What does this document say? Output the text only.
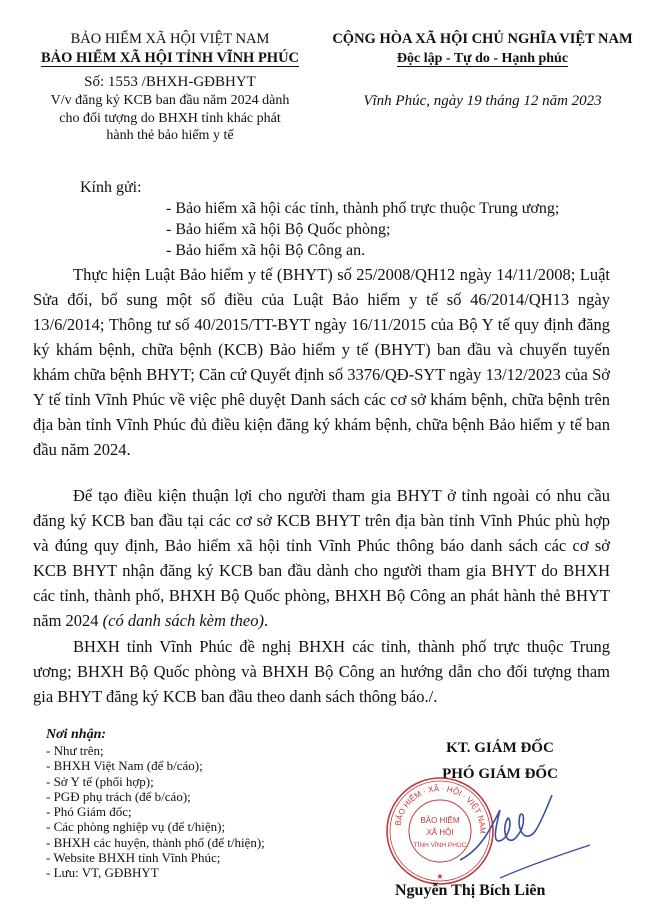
BẢO HIỂM XÃ HỘI VIỆT NAM
BẢO HIỂM XÃ HỘI TỈNH VĨNH PHÚC
Số: 1553 /BHXH-GĐBHYT
V/v đăng ký KCB ban đầu năm 2024 dành
cho đối tượng do BHXH tỉnh khác phát
hành thẻ bảo hiểm y tế
CỘNG HÒA XÃ HỘI CHỦ NGHĨA VIỆT NAM
Độc lập - Tự do - Hạnh phúc
Vĩnh Phúc, ngày 19 tháng 12 năm 2023
Kính gửi:
- Bảo hiểm xã hội các tỉnh, thành phố trực thuộc Trung ương;
- Bảo hiểm xã hội Bộ Quốc phòng;
- Bảo hiểm xã hội Bộ Công an.
Thực hiện Luật Bảo hiểm y tế (BHYT) số 25/2008/QH12 ngày 14/11/2008; Luật Sửa đổi, bổ sung một số điều của Luật Bảo hiểm y tế số 46/2014/QH13 ngày 13/6/2014; Thông tư số 40/2015/TT-BYT ngày 16/11/2015 của Bộ Y tế quy định đăng ký khám bệnh, chữa bệnh (KCB) Bảo hiểm y tế (BHYT) ban đầu và chuyển tuyến khám chữa bệnh BHYT; Căn cứ Quyết định số 3376/QĐ-SYT ngày 13/12/2023 của Sở Y tế tỉnh Vĩnh Phúc về việc phê duyệt Danh sách các cơ sở khám bệnh, chữa bệnh trên địa bàn tỉnh Vĩnh Phúc đủ điều kiện đăng ký khám bệnh, chữa bệnh Bảo hiểm y tế ban đầu năm 2024.
Để tạo điều kiện thuận lợi cho người tham gia BHYT ở tỉnh ngoài có nhu cầu đăng ký KCB ban đầu tại các cơ sở KCB BHYT trên địa bàn tỉnh Vĩnh Phúc phù hợp và đúng quy định, Bảo hiểm xã hội tỉnh Vĩnh Phúc thông báo danh sách các cơ sở KCB BHYT nhận đăng ký KCB ban đầu dành cho người tham gia BHYT do BHXH các tỉnh, thành phố, BHXH Bộ Quốc phòng, BHXH Bộ Công an phát hành thẻ BHYT năm 2024 (có danh sách kèm theo).
BHXH tỉnh Vĩnh Phúc đề nghị BHXH các tỉnh, thành phố trực thuộc Trung ương; BHXH Bộ Quốc phòng và BHXH Bộ Công an hướng dẫn cho đối tượng tham gia BHYT đăng ký KCB ban đầu theo danh sách thông báo./.
Nơi nhận:
- Như trên;
- BHXH Việt Nam (để b/cáo);
- Sở Y tế (phối hợp);
- PGĐ phụ trách (để b/cáo);
- Phó Giám đốc;
- Các phòng nghiệp vụ (để t/hiện);
- BHXH các huyện, thành phố (để t/hiện);
- Website BHXH tỉnh Vĩnh Phúc;
- Lưu: VT, GĐBHYT
KT. GIÁM ĐỐC
PHÓ GIÁM ĐỐC
BẢO HIỂM · XÃ · HỘI · VIỆT NAM
BẢO HIỂM
XÃ HỘI
TỈNH VĨNH PHÚC
★
Nguyễn Thị Bích Liên
